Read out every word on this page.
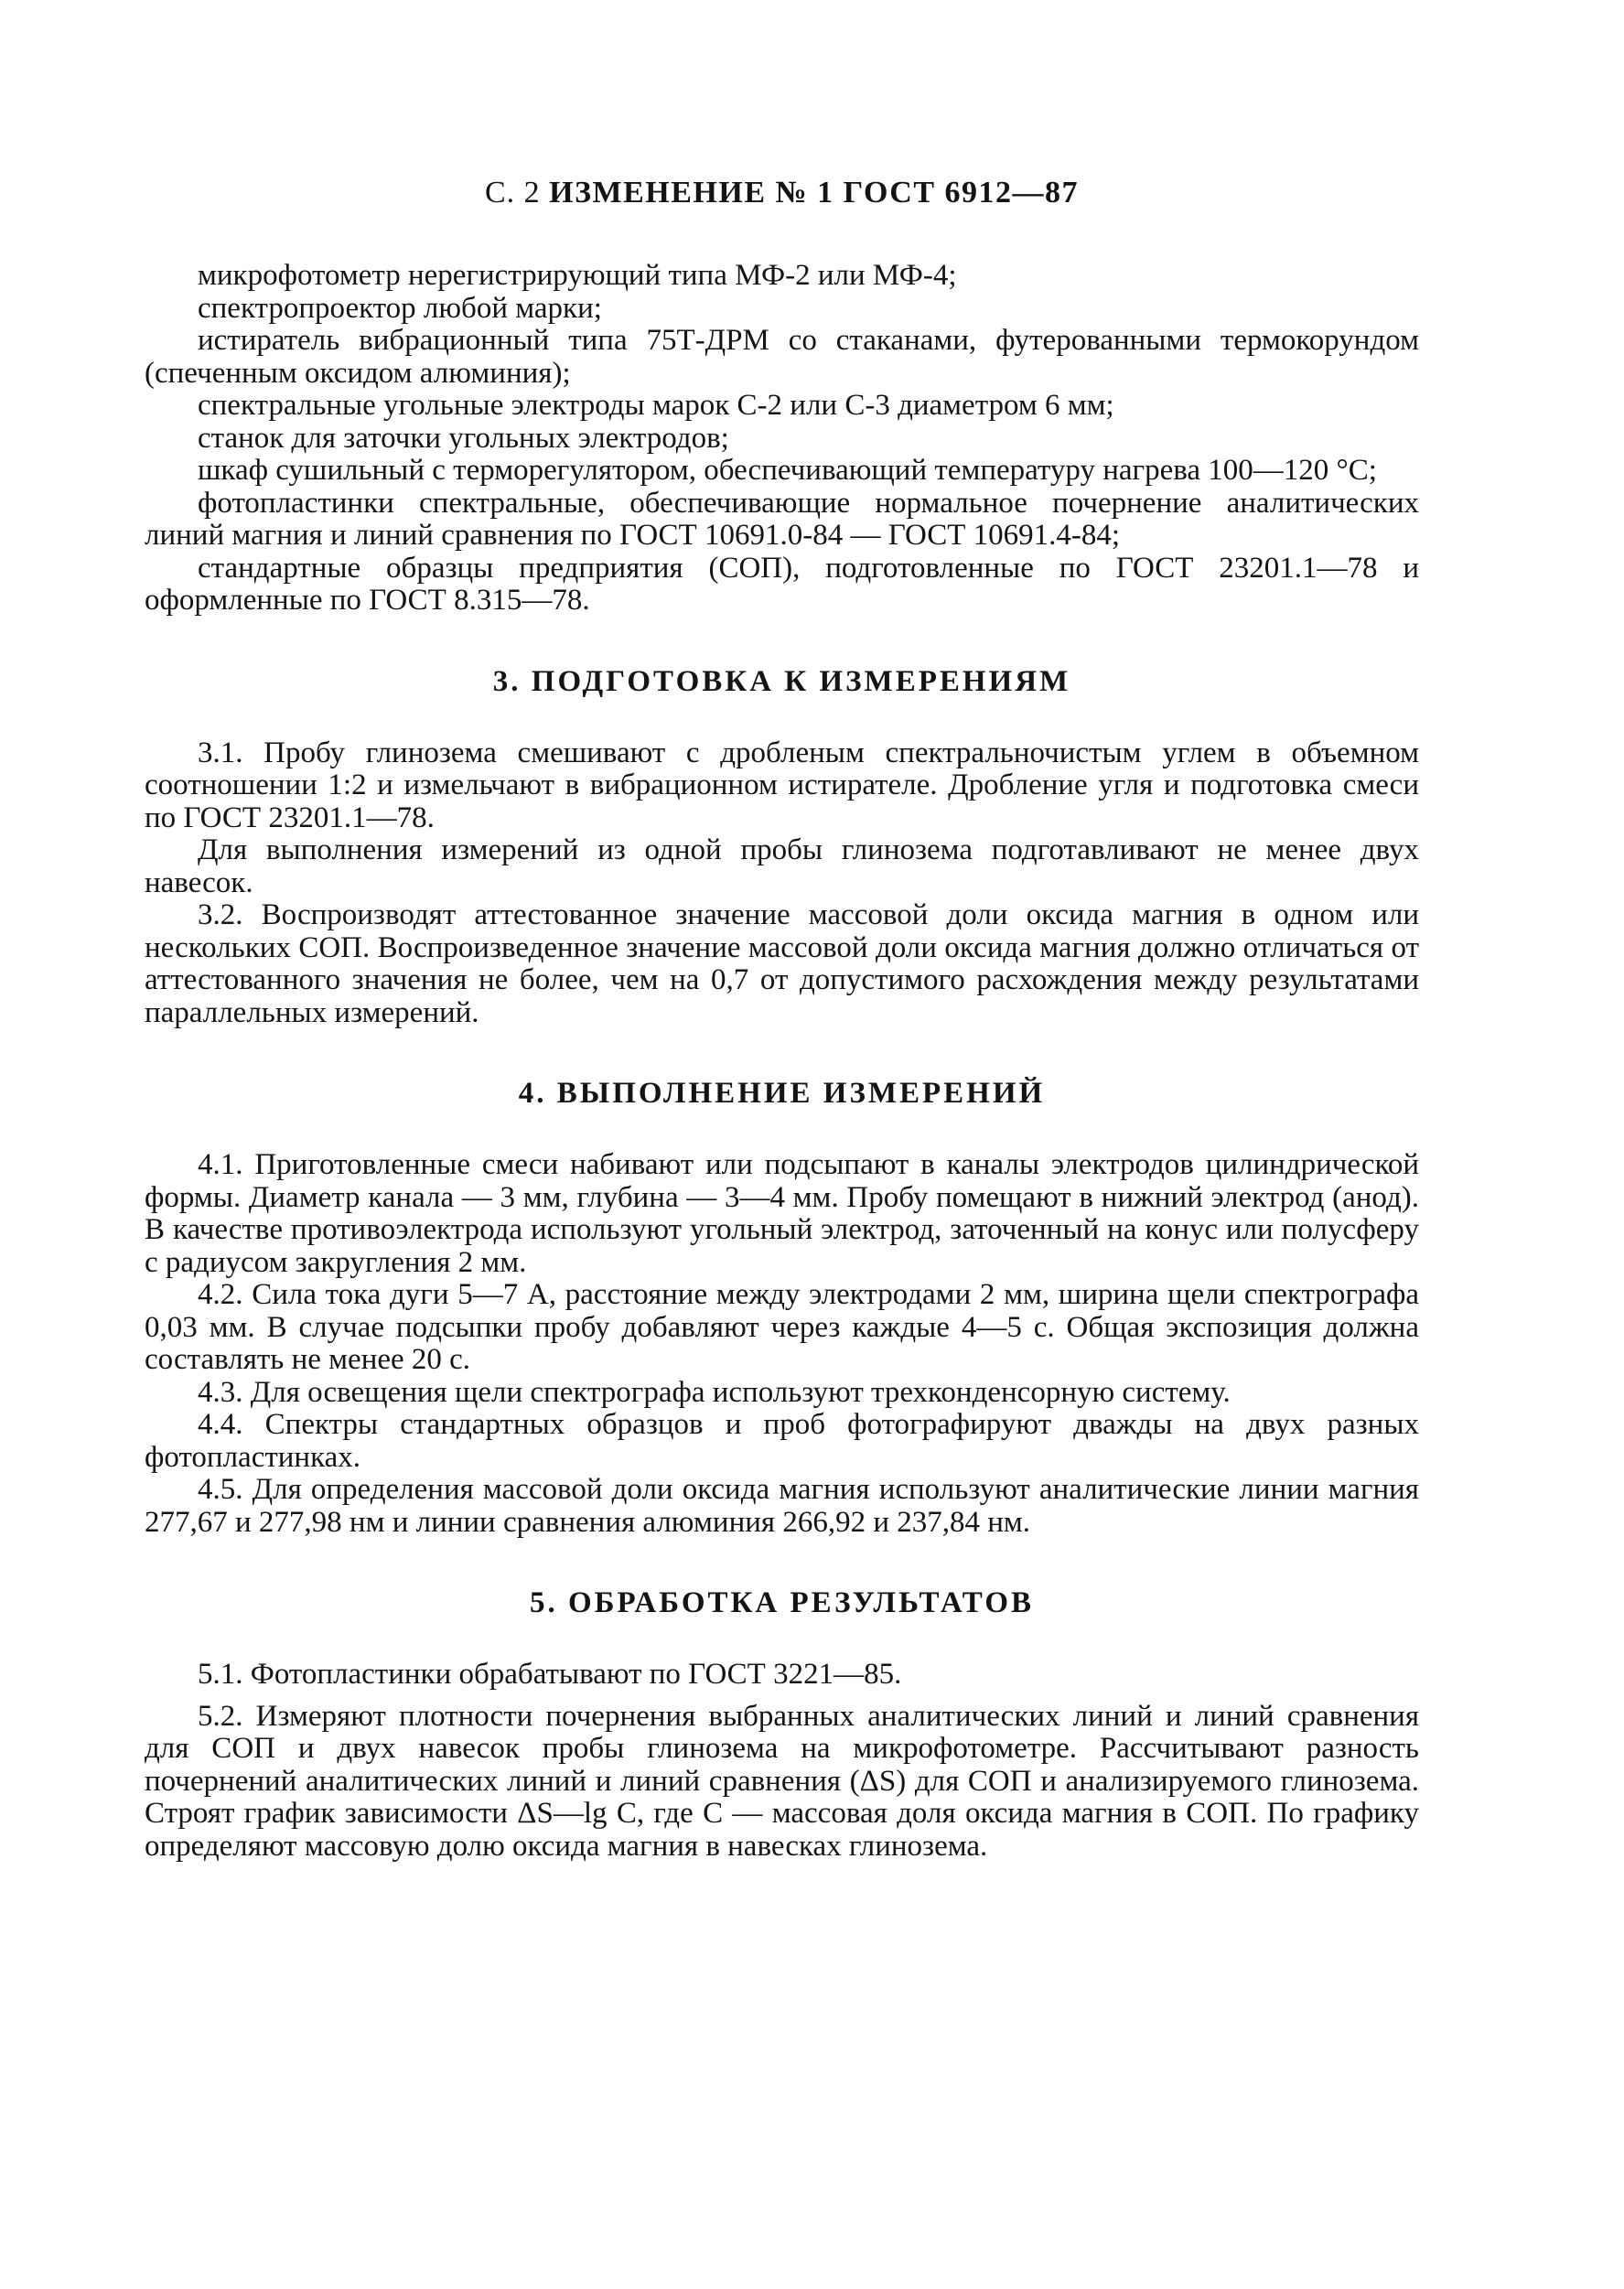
С. 2 ИЗМЕНЕНИЕ № 1 ГОСТ 6912—87

микрофотометр нерегистрирующий типа МФ-2 или МФ-4;

спектропроектор любой марки;

истиратель вибрационный типа 75Т-ДРМ со стаканами, футерованными термокорундом (спеченным оксидом алюминия);

спектральные угольные электроды марок С-2 или С-3 диаметром 6 мм;

станок для заточки угольных электродов;

шкаф сушильный с терморегулятором, обеспечивающий температуру нагрева 100—120 °С;

фотопластинки спектральные, обеспечивающие нормальное почернение аналитических линий магния и линий сравнения по ГОСТ 10691.0-84 — ГОСТ 10691.4-84;

стандартные образцы предприятия (СОП), подготовленные по ГОСТ 23201.1—78 и оформленные по ГОСТ 8.315—78.

3. ПОДГОТОВКА К ИЗМЕРЕНИЯМ

3.1. Пробу глинозема смешивают с дробленым спектральночистым углем в объемном соотношении 1:2 и измельчают в вибрационном истирателе. Дробление угля и подготовка смеси по ГОСТ 23201.1—78.

Для выполнения измерений из одной пробы глинозема подготавливают не менее двух навесок.

3.2. Воспроизводят аттестованное значение массовой доли оксида магния в одном или нескольких СОП. Воспроизведенное значение массовой доли оксида магния должно отличаться от аттестованного значения не более, чем на 0,7 от допустимого расхождения между результатами параллельных измерений.

4. ВЫПОЛНЕНИЕ ИЗМЕРЕНИЙ

4.1. Приготовленные смеси набивают или подсыпают в каналы электродов цилиндрической формы. Диаметр канала — 3 мм, глубина — 3—4 мм. Пробу помещают в нижний электрод (анод). В качестве противоэлектрода используют угольный электрод, заточенный на конус или полусферу с радиусом закругления 2 мм.

4.2. Сила тока дуги 5—7 А, расстояние между электродами 2 мм, ширина щели спектрографа 0,03 мм. В случае подсыпки пробу добавляют через каждые 4—5 с. Общая экспозиция должна составлять не менее 20 с.

4.3. Для освещения щели спектрографа используют трехконденсорную систему.

4.4. Спектры стандартных образцов и проб фотографируют дважды на двух разных фотопластинках.

4.5. Для определения массовой доли оксида магния используют аналитические линии магния 277,67 и 277,98 нм и линии сравнения алюминия 266,92 и 237,84 нм.

5. ОБРАБОТКА РЕЗУЛЬТАТОВ

5.1. Фотопластинки обрабатывают по ГОСТ 3221—85.

5.2. Измеряют плотности почернения выбранных аналитических линий и линий сравнения для СОП и двух навесок пробы глинозема на микрофотометре. Рассчитывают разность почернений аналитических линий и линий сравнения (ΔS) для СОП и анализируемого глинозема. Строят график зависимости ΔS—lg C, где C — массовая доля оксида магния в СОП. По графику определяют массовую долю оксида магния в навесках глинозема.
